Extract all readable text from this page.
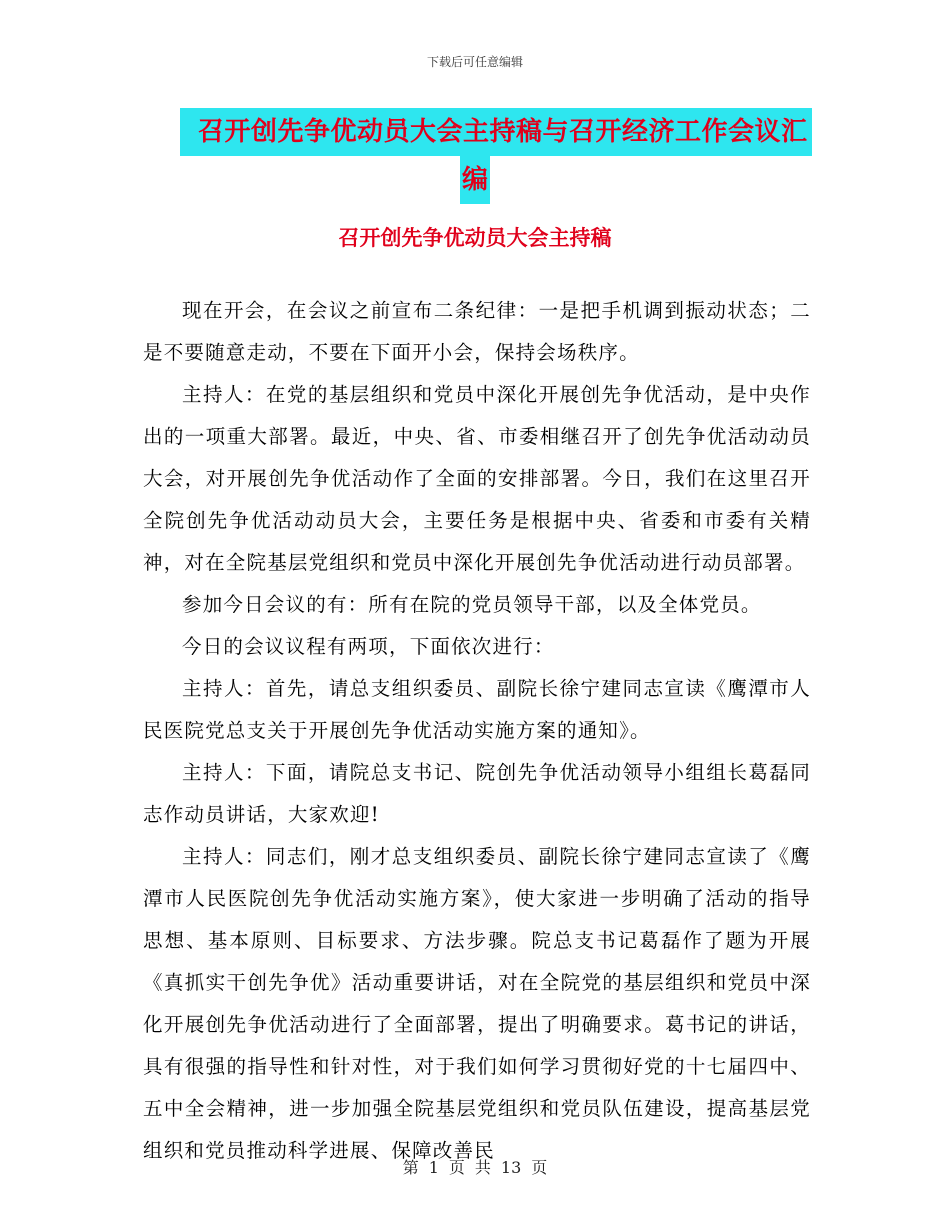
下载后可任意编辑
召开创先争优动员大会主持稿与召开经济工作会议汇
编
召开创先争优动员大会主持稿

现在开会，在会议之前宣布二条纪律：一是把手机调到振动状态；二是不要随意走动，不要在下面开小会，保持会场秩序。

主持人：在党的基层组织和党员中深化开展创先争优活动，是中央作出的一项重大部署。最近，中央、省、市委相继召开了创先争优活动动员大会，对开展创先争优活动作了全面的安排部署。今日，我们在这里召开全院创先争优活动动员大会，主要任务是根据中央、省委和市委有关精神，对在全院基层党组织和党员中深化开展创先争优活动进行动员部署。

参加今日会议的有：所有在院的党员领导干部，以及全体党员。

今日的会议议程有两项，下面依次进行：

主持人：首先，请总支组织委员、副院长徐宁建同志宣读《鹰潭市人民医院党总支关于开展创先争优活动实施方案的通知》。

主持人：下面，请院总支书记、院创先争优活动领导小组组长葛磊同志作动员讲话，大家欢迎!

主持人：同志们，刚才总支组织委员、副院长徐宁建同志宣读了《鹰潭市人民医院创先争优活动实施方案》，使大家进一步明确了活动的指导思想、基本原则、目标要求、方法步骤。院总支书记葛磊作了题为开展《真抓实干创先争优》活动重要讲话，对在全院党的基层组织和党员中深化开展创先争优活动进行了全面部署，提出了明确要求。葛书记的讲话，具有很强的指导性和针对性，对于我们如何学习贯彻好党的十七届四中、五中全会精神，进一步加强全院基层党组织和党员队伍建设，提高基层党组织和党员推动科学进展、保障改善民

第 1 页 共 13 页
